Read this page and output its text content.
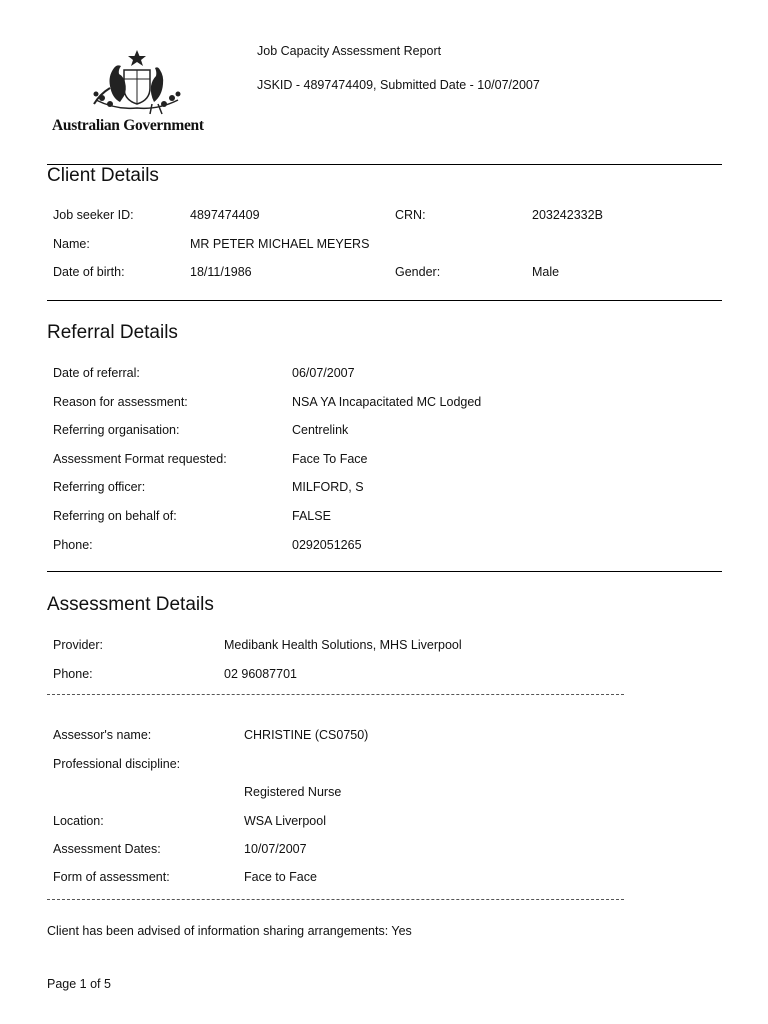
Australian Government
Job Capacity Assessment Report
JSKID - 4897474409, Submitted Date - 10/07/2007
Client Details
Job seeker ID:	4897474409	CRN:	203242332B
Name:	MR PETER MICHAEL MEYERS
Date of birth:	18/11/1986	Gender:	Male
Referral Details
Date of referral:	06/07/2007
Reason for assessment:	NSA YA Incapacitated MC Lodged
Referring organisation:	Centrelink
Assessment Format requested:	Face To Face
Referring officer:	MILFORD, S
Referring on behalf of:	FALSE
Phone:	0292051265
Assessment Details
Provider:	Medibank Health Solutions, MHS Liverpool
Phone:	02 96087701
Assessor's name:	CHRISTINE (CS0750)
Professional discipline:
Registered Nurse
Location:	WSA Liverpool
Assessment Dates:	10/07/2007
Form of assessment:	Face to Face
Client has been advised of information sharing arrangements: Yes
Page 1 of 5
